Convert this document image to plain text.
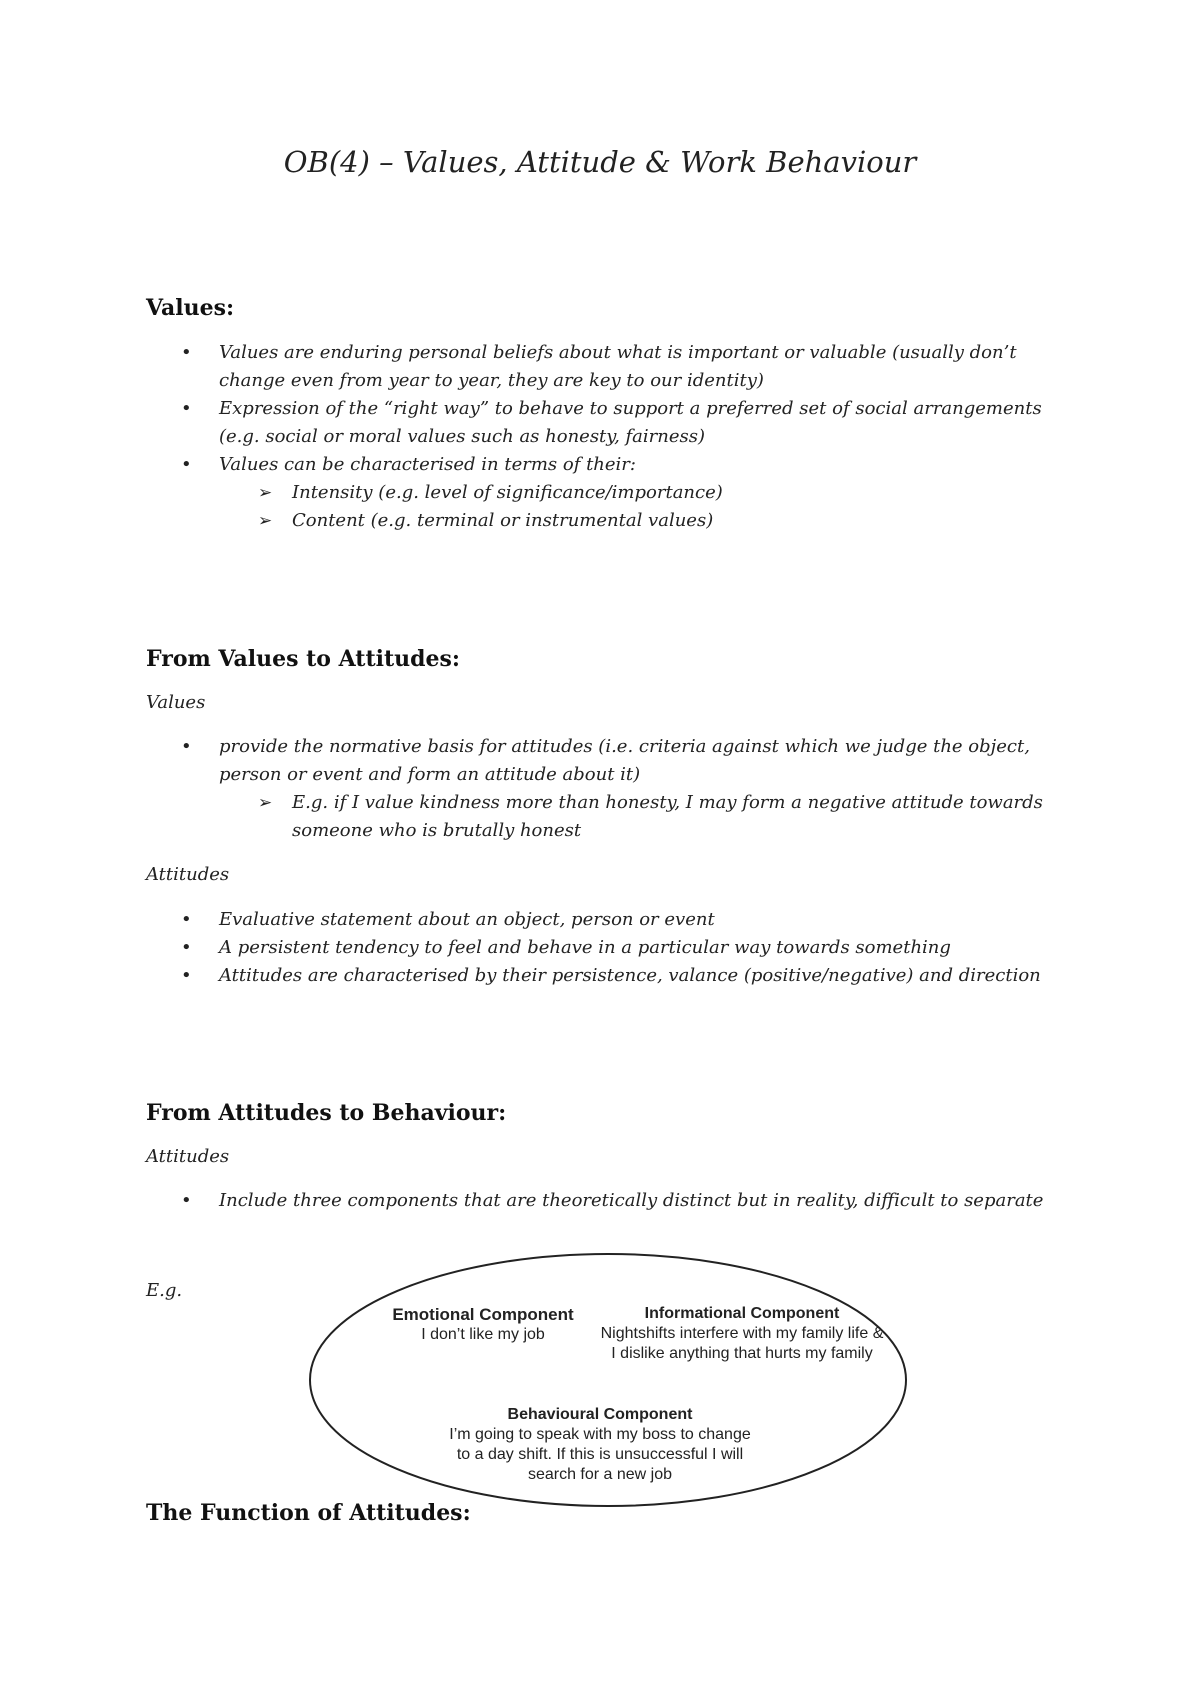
OB(4) – Values, Attitude & Work Behaviour
Values:
• Values are enduring personal beliefs about what is important or valuable (usually don’t change even from year to year, they are key to our identity)
• Expression of the “right way” to behave to support a preferred set of social arrangements (e.g. social or moral values such as honesty, fairness)
• Values can be characterised in terms of their:
➢ Intensity (e.g. level of significance/importance)
➢ Content (e.g. terminal or instrumental values)
From Values to Attitudes:
Values
• provide the normative basis for attitudes (i.e. criteria against which we judge the object, person or event and form an attitude about it)
➢ E.g. if I value kindness more than honesty, I may form a negative attitude towards someone who is brutally honest
Attitudes
• Evaluative statement about an object, person or event
• A persistent tendency to feel and behave in a particular way towards something
• Attitudes are characterised by their persistence, valance (positive/negative) and direction
From Attitudes to Behaviour:
Attitudes
• Include three components that are theoretically distinct but in reality, difficult to separate
E.g.
Emotional Component
I don’t like my job
Informational Component
Nightshifts interfere with my family life & I dislike anything that hurts my family
Behavioural Component
I’m going to speak with my boss to change to a day shift. If this is unsuccessful I will search for a new job
The Function of Attitudes:
